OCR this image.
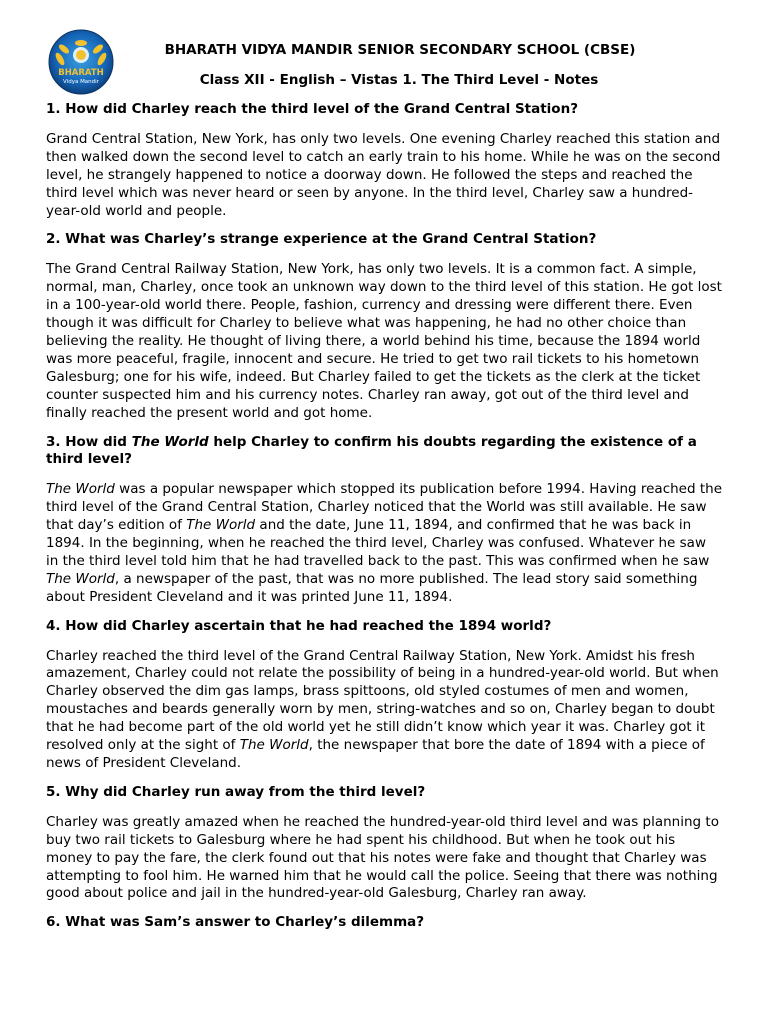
BHARATH
Vidya Mandir
BHARATH VIDYA MANDIR SENIOR SECONDARY SCHOOL (CBSE)
Class XII - English – Vistas 1. The Third Level - Notes

1. How did Charley reach the third level of the Grand Central Station?

Grand Central Station, New York, has only two levels. One evening Charley reached this station and then walked down the second level to catch an early train to his home. While he was on the second level, he strangely happened to notice a doorway down. He followed the steps and reached the third level which was never heard or seen by anyone. In the third level, Charley saw a hundred-year-old world and people.

2. What was Charley’s strange experience at the Grand Central Station?

The Grand Central Railway Station, New York, has only two levels. It is a common fact. A simple, normal, man, Charley, once took an unknown way down to the third level of this station. He got lost in a 100-year-old world there. People, fashion, currency and dressing were different there. Even though it was difficult for Charley to believe what was happening, he had no other choice than believing the reality. He thought of living there, a world behind his time, because the 1894 world was more peaceful, fragile, innocent and secure. He tried to get two rail tickets to his hometown Galesburg; one for his wife, indeed. But Charley failed to get the tickets as the clerk at the ticket counter suspected him and his currency notes. Charley ran away, got out of the third level and finally reached the present world and got home.

3. How did The World help Charley to confirm his doubts regarding the existence of a third level?

The World was a popular newspaper which stopped its publication before 1994. Having reached the third level of the Grand Central Station, Charley noticed that the World was still available. He saw that day’s edition of The World and the date, June 11, 1894, and confirmed that he was back in 1894. In the beginning, when he reached the third level, Charley was confused. Whatever he saw in the third level told him that he had travelled back to the past. This was confirmed when he saw The World, a newspaper of the past, that was no more published. The lead story said something about President Cleveland and it was printed June 11, 1894.

4. How did Charley ascertain that he had reached the 1894 world?

Charley reached the third level of the Grand Central Railway Station, New York. Amidst his fresh amazement, Charley could not relate the possibility of being in a hundred-year-old world. But when Charley observed the dim gas lamps, brass spittoons, old styled costumes of men and women, moustaches and beards generally worn by men, string-watches and so on, Charley began to doubt that he had become part of the old world yet he still didn’t know which year it was. Charley got it resolved only at the sight of The World, the newspaper that bore the date of 1894 with a piece of news of President Cleveland.

5. Why did Charley run away from the third level?

Charley was greatly amazed when he reached the hundred-year-old third level and was planning to buy two rail tickets to Galesburg where he had spent his childhood. But when he took out his money to pay the fare, the clerk found out that his notes were fake and thought that Charley was attempting to fool him. He warned him that he would call the police. Seeing that there was nothing good about police and jail in the hundred-year-old Galesburg, Charley ran away.

6. What was Sam’s answer to Charley’s dilemma?
